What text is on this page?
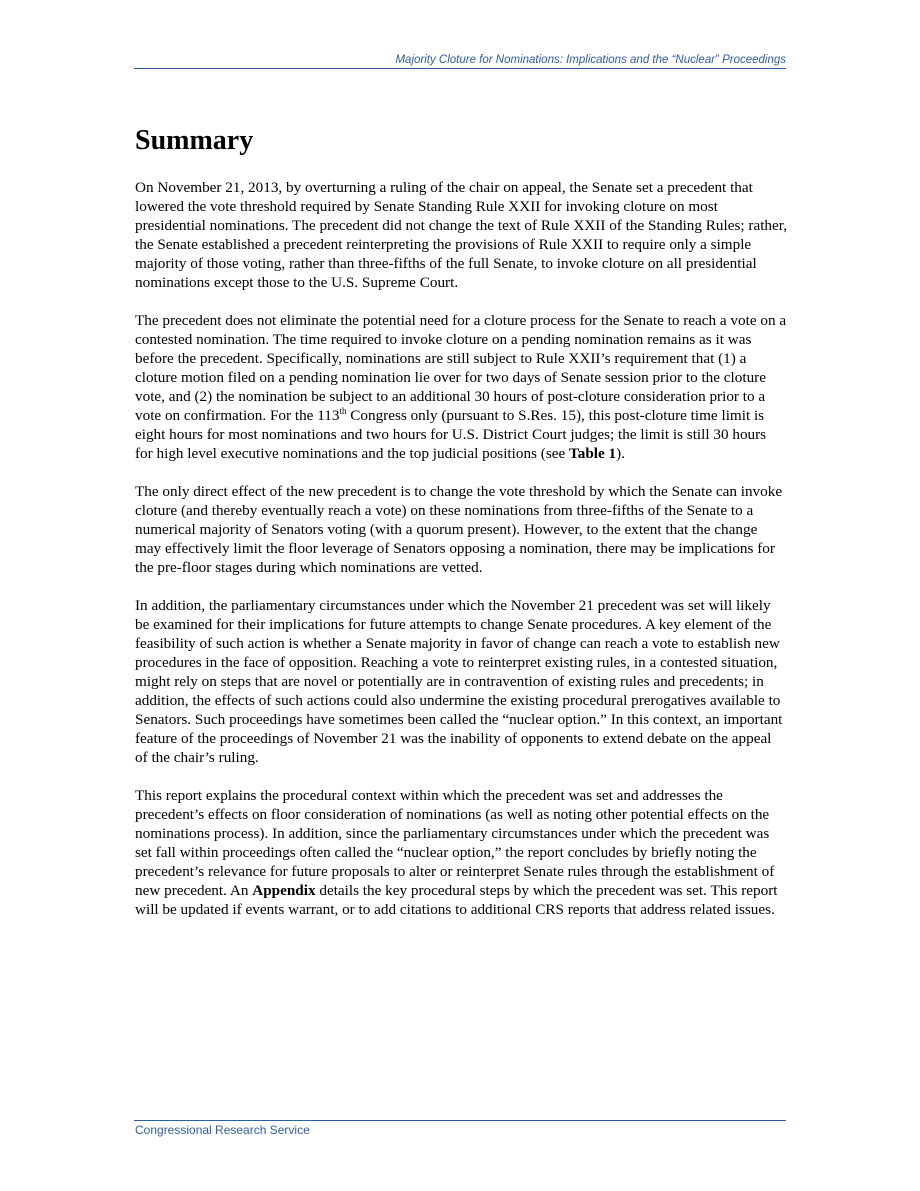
Majority Cloture for Nominations: Implications and the “Nuclear” Proceedings
Summary

On November 21, 2013, by overturning a ruling of the chair on appeal, the Senate set a precedent that lowered the vote threshold required by Senate Standing Rule XXII for invoking cloture on most presidential nominations. The precedent did not change the text of Rule XXII of the Standing Rules; rather, the Senate established a precedent reinterpreting the provisions of Rule XXII to require only a simple majority of those voting, rather than three-fifths of the full Senate, to invoke cloture on all presidential nominations except those to the U.S. Supreme Court.

The precedent does not eliminate the potential need for a cloture process for the Senate to reach a vote on a contested nomination. The time required to invoke cloture on a pending nomination remains as it was before the precedent. Specifically, nominations are still subject to Rule XXII’s requirement that (1) a cloture motion filed on a pending nomination lie over for two days of Senate session prior to the cloture vote, and (2) the nomination be subject to an additional 30 hours of post-cloture consideration prior to a vote on confirmation. For the 113th Congress only (pursuant to S.Res. 15), this post-cloture time limit is eight hours for most nominations and two hours for U.S. District Court judges; the limit is still 30 hours for high level executive nominations and the top judicial positions (see Table 1).

The only direct effect of the new precedent is to change the vote threshold by which the Senate can invoke cloture (and thereby eventually reach a vote) on these nominations from three-fifths of the Senate to a numerical majority of Senators voting (with a quorum present). However, to the extent that the change may effectively limit the floor leverage of Senators opposing a nomination, there may be implications for the pre-floor stages during which nominations are vetted.

In addition, the parliamentary circumstances under which the November 21 precedent was set will likely be examined for their implications for future attempts to change Senate procedures. A key element of the feasibility of such action is whether a Senate majority in favor of change can reach a vote to establish new procedures in the face of opposition. Reaching a vote to reinterpret existing rules, in a contested situation, might rely on steps that are novel or potentially are in contravention of existing rules and precedents; in addition, the effects of such actions could also undermine the existing procedural prerogatives available to Senators. Such proceedings have sometimes been called the “nuclear option.” In this context, an important feature of the proceedings of November 21 was the inability of opponents to extend debate on the appeal of the chair’s ruling.

This report explains the procedural context within which the precedent was set and addresses the precedent’s effects on floor consideration of nominations (as well as noting other potential effects on the nominations process). In addition, since the parliamentary circumstances under which the precedent was set fall within proceedings often called the “nuclear option,” the report concludes by briefly noting the precedent’s relevance for future proposals to alter or reinterpret Senate rules through the establishment of new precedent. An Appendix details the key procedural steps by which the precedent was set. This report will be updated if events warrant, or to add citations to additional CRS reports that address related issues.

Congressional Research Service
